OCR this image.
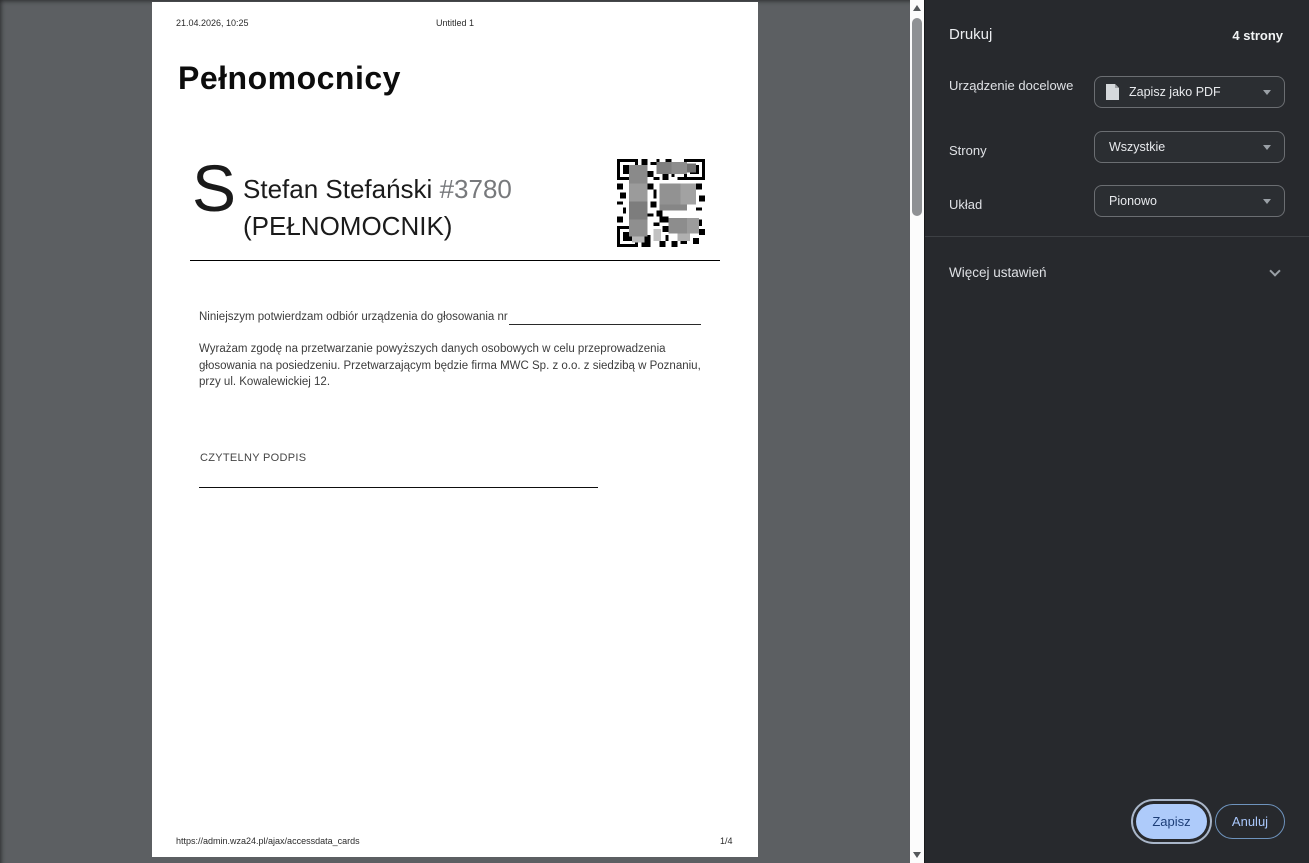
21.04.2026, 10:25	Untitled 1
Pełnomocnicy
S Stefan Stefański #3780
(PEŁNOMOCNIK)
Niniejszym potwierdzam odbiór urządzenia do głosowania nr
Wyrażam zgodę na przetwarzanie powyższych danych osobowych w celu przeprowadzenia głosowania na posiedzeniu. Przetwarzającym będzie firma MWC Sp. z o.o. z siedzibą w Poznaniu, przy ul. Kowalewickiej 12.
CZYTELNY PODPIS
https://admin.wza24.pl/ajax/accessdata_cards	1/4
Drukuj	4 strony
Urządzenie docelowe	Zapisz jako PDF
Strony	Wszystkie
Układ	Pionowo
Więcej ustawień
Zapisz	Anuluj
